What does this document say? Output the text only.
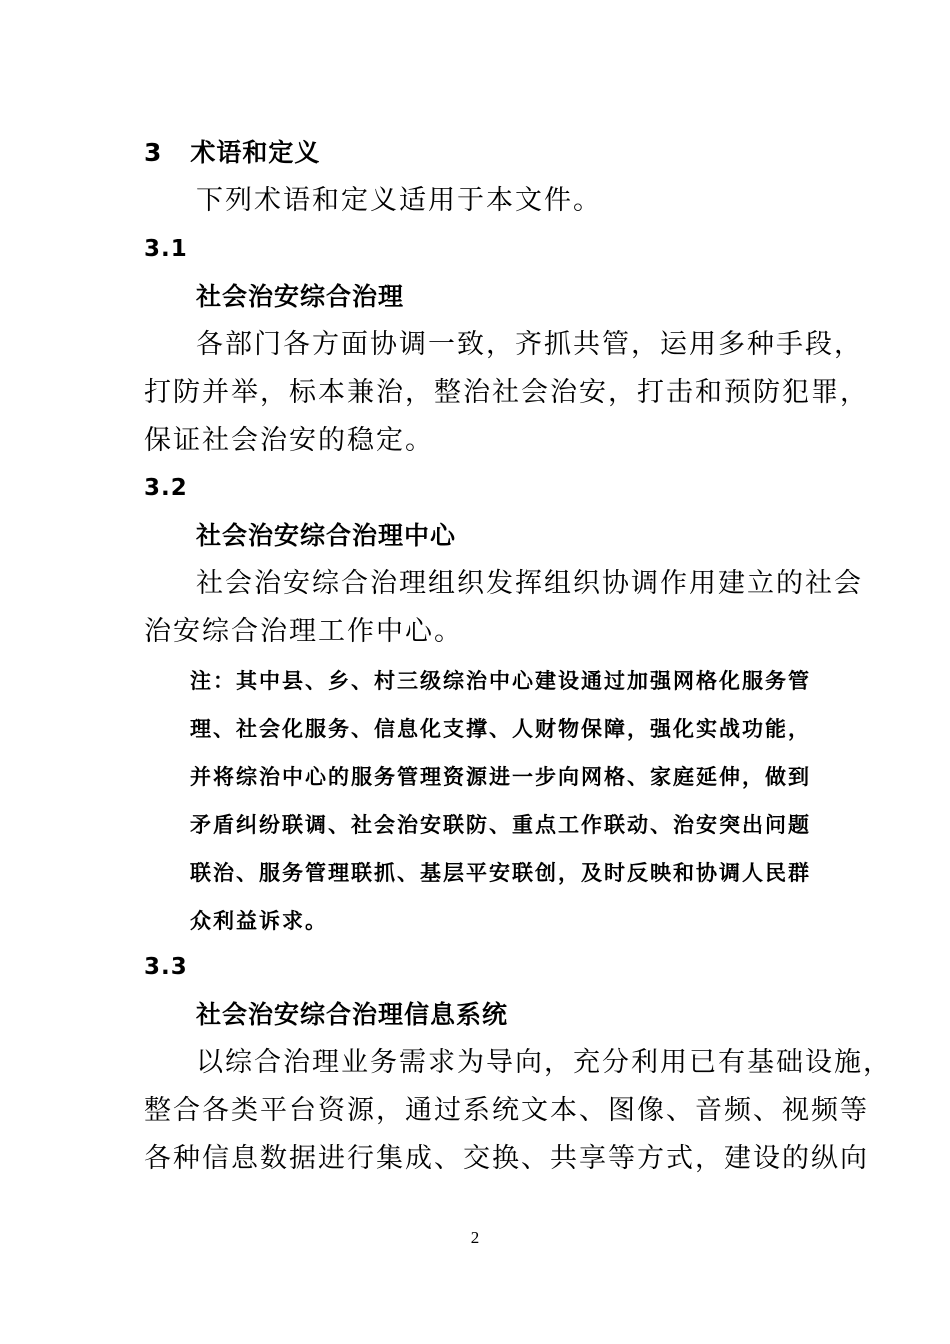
3 术语和定义
下列术语和定义适用于本文件。
3.1
社会治安综合治理
各部门各方面协调一致，齐抓共管，运用多种手段，
打防并举，标本兼治，整治社会治安，打击和预防犯罪，
保证社会治安的稳定。
3.2
社会治安综合治理中心
社会治安综合治理组织发挥组织协调作用建立的社会
治安综合治理工作中心。
注：其中县、乡、村三级综治中心建设通过加强网格化服务管
理、社会化服务、信息化支撑、人财物保障，强化实战功能，
并将综治中心的服务管理资源进一步向网格、家庭延伸，做到
矛盾纠纷联调、社会治安联防、重点工作联动、治安突出问题
联治、服务管理联抓、基层平安联创，及时反映和协调人民群
众利益诉求。
3.3
社会治安综合治理信息系统
以综合治理业务需求为导向，充分利用已有基础设施，
整合各类平台资源，通过系统文本、图像、音频、视频等
各种信息数据进行集成、交换、共享等方式，建设的纵向
2
